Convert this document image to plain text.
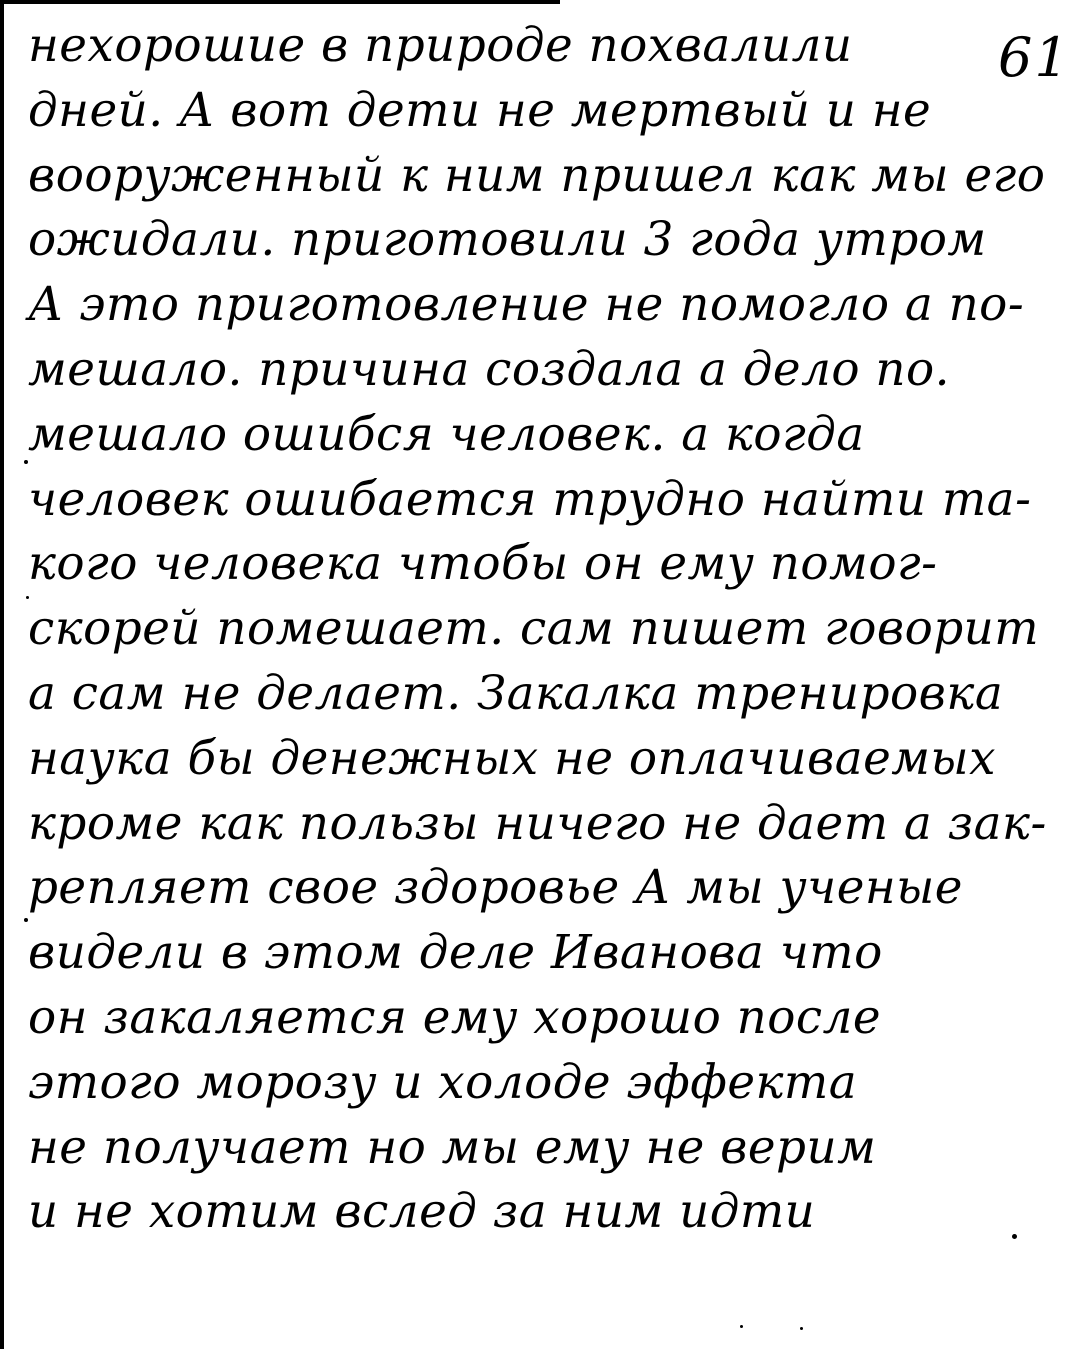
61
нехорошие в природе похвалили
дней. А вот дети не мертвый и не
вооруженный к ним пришел как мы его
ожидали. приготовили 3 года утром
А это приготовление не помогло а по-
мешало. причина создала а дело по.
мешало ошибся человек. а когда
человек ошибается трудно найти та-
кого человека чтобы он ему помог-
скорей помешает. сам пишет говорит
а сам не делает. Закалка тренировка
наука бы денежных не оплачиваемых
кроме как пользы ничего не дает а зак-
репляет свое здоровье А мы ученые
видели в этом деле Иванова что
он закаляется ему хорошо после
этого морозу и холоде эффекта
не получает но мы ему не верим
и не хотим вслед за ним идти
